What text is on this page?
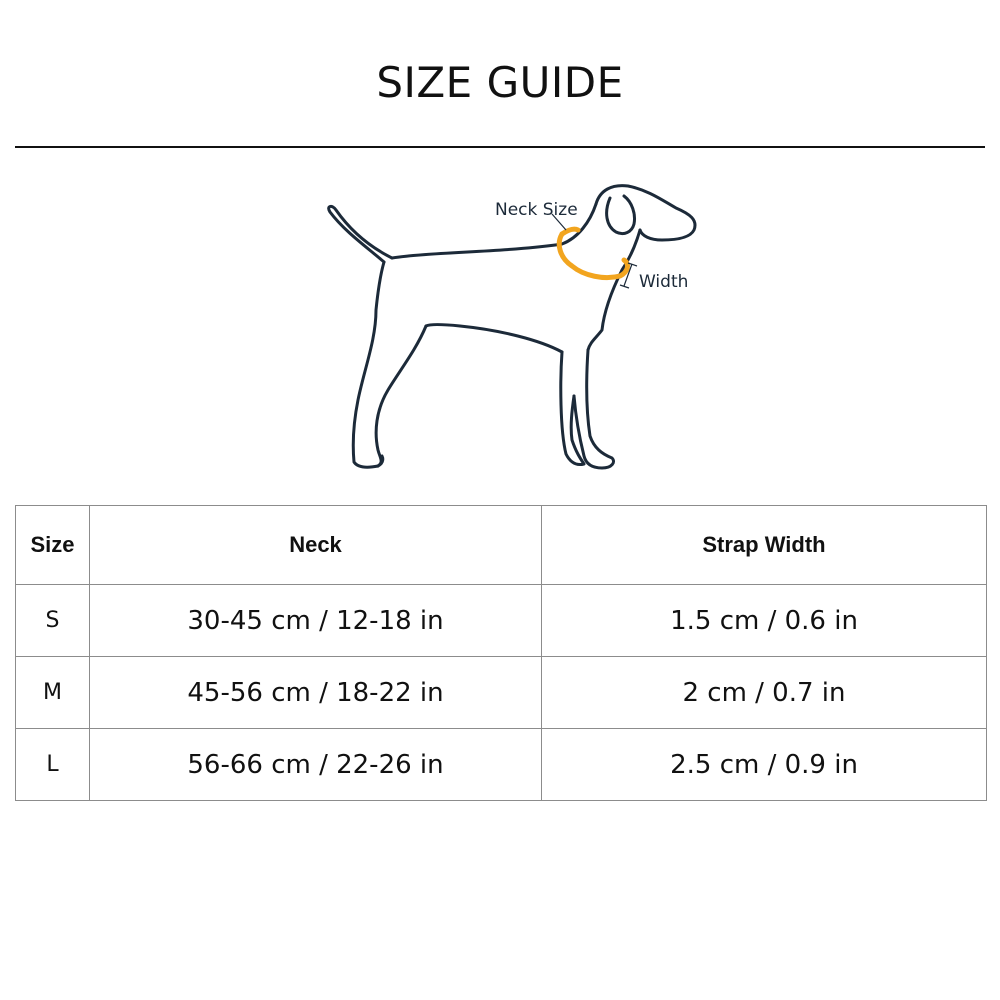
SIZE GUIDE
Neck Size
Width
Size	Neck	Strap Width
S	30-45 cm / 12-18 in	1.5 cm / 0.6 in
M	45-56 cm / 18-22 in	2 cm / 0.7 in
L	56-66 cm / 22-26 in	2.5 cm / 0.9 in
